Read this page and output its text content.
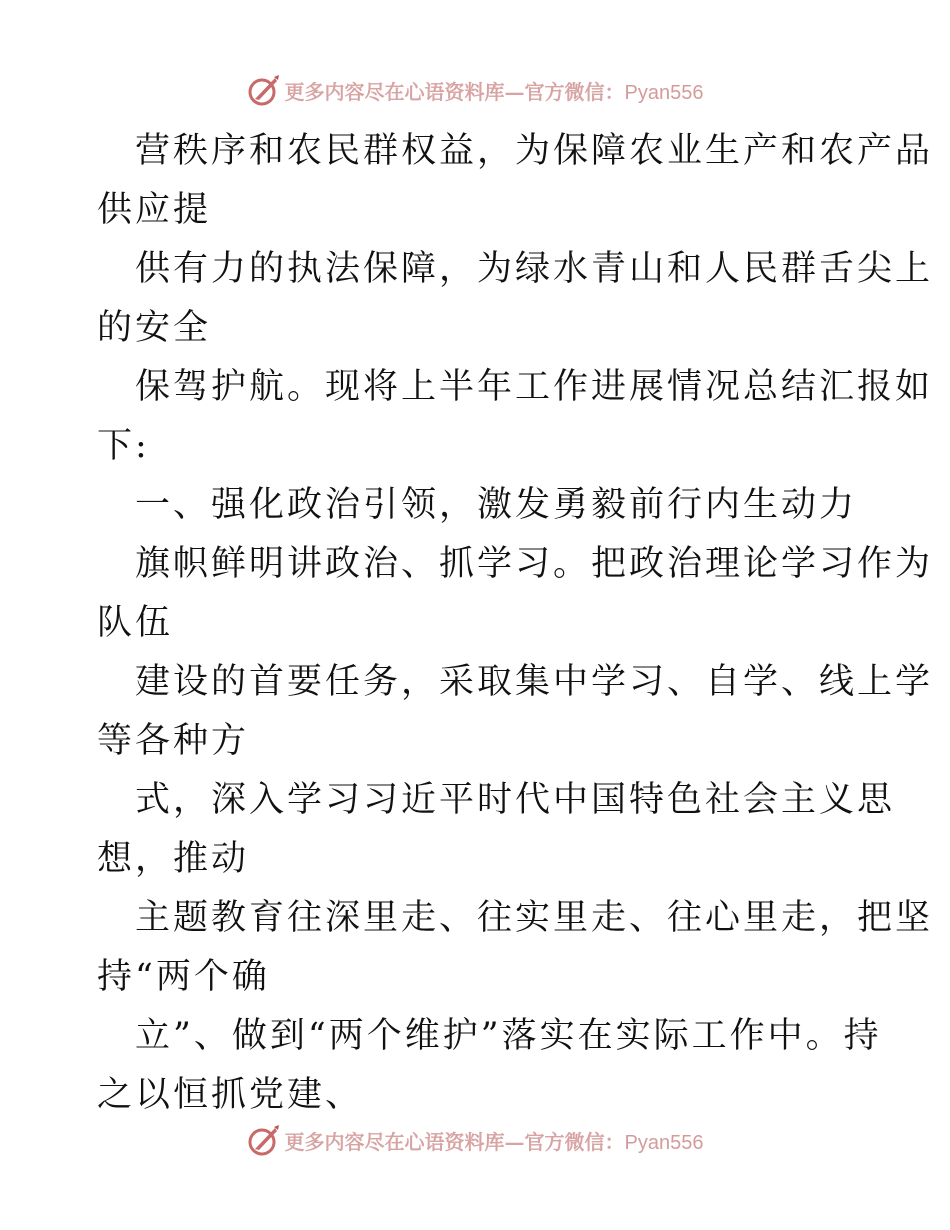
更多内容尽在心语资料库—官方微信：Pyan556
营秩序和农民群权益，为保障农业生产和农产品
供应提
供有力的执法保障，为绿水青山和人民群舌尖上
的安全
保驾护航。现将上半年工作进展情况总结汇报如
下:
一、强化政治引领，激发勇毅前行内生动力
旗帜鲜明讲政治、抓学习。把政治理论学习作为
队伍
建设的首要任务，采取集中学习、自学、线上学
等各种方
式，深入学习习近平时代中国特色社会主义思
想，推动
主题教育往深里走、往实里走、往心里走，把坚
持“两个确
立”、做到“两个维护”落实在实际工作中。持
之以恒抓党建、
更多内容尽在心语资料库—官方微信：Pyan556
